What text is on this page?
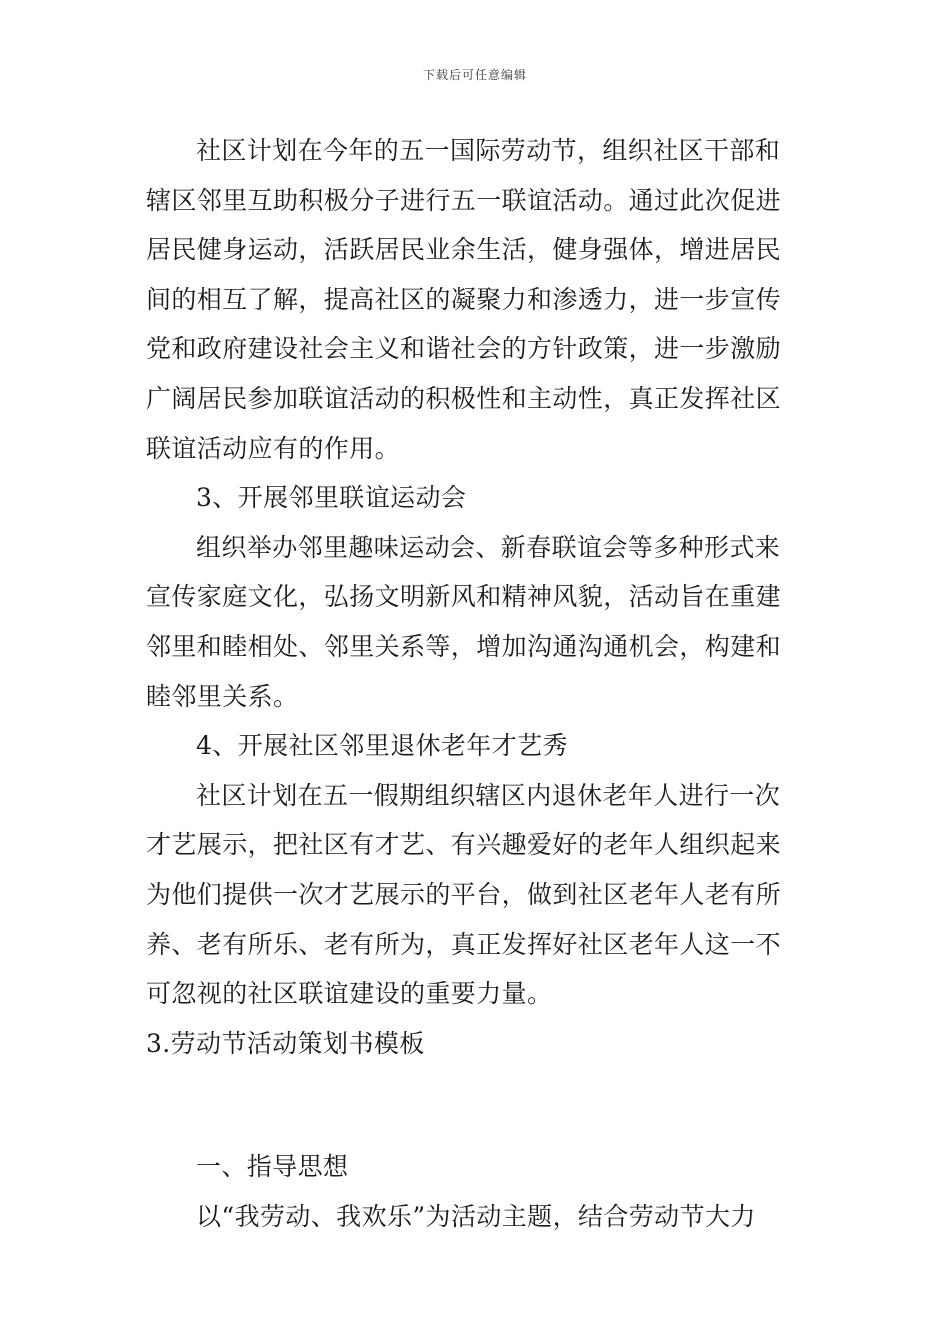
下载后可任意编辑
社区计划在今年的五一国际劳动节，组织社区干部和
辖区邻里互助积极分子进行五一联谊活动。通过此次促进
居民健身运动，活跃居民业余生活，健身强体，增进居民
间的相互了解，提高社区的凝聚力和渗透力，进一步宣传
党和政府建设社会主义和谐社会的方针政策，进一步激励
广阔居民参加联谊活动的积极性和主动性，真正发挥社区
联谊活动应有的作用。
3、开展邻里联谊运动会
组织举办邻里趣味运动会、新春联谊会等多种形式来
宣传家庭文化，弘扬文明新风和精神风貌，活动旨在重建
邻里和睦相处、邻里关系等，增加沟通沟通机会，构建和
睦邻里关系。
4、开展社区邻里退休老年才艺秀
社区计划在五一假期组织辖区内退休老年人进行一次
才艺展示，把社区有才艺、有兴趣爱好的老年人组织起来
为他们提供一次才艺展示的平台，做到社区老年人老有所
养、老有所乐、老有所为，真正发挥好社区老年人这一不
可忽视的社区联谊建设的重要力量。
3.劳动节活动策划书模板
一、指导思想
以“我劳动、我欢乐”为活动主题，结合劳动节大力
